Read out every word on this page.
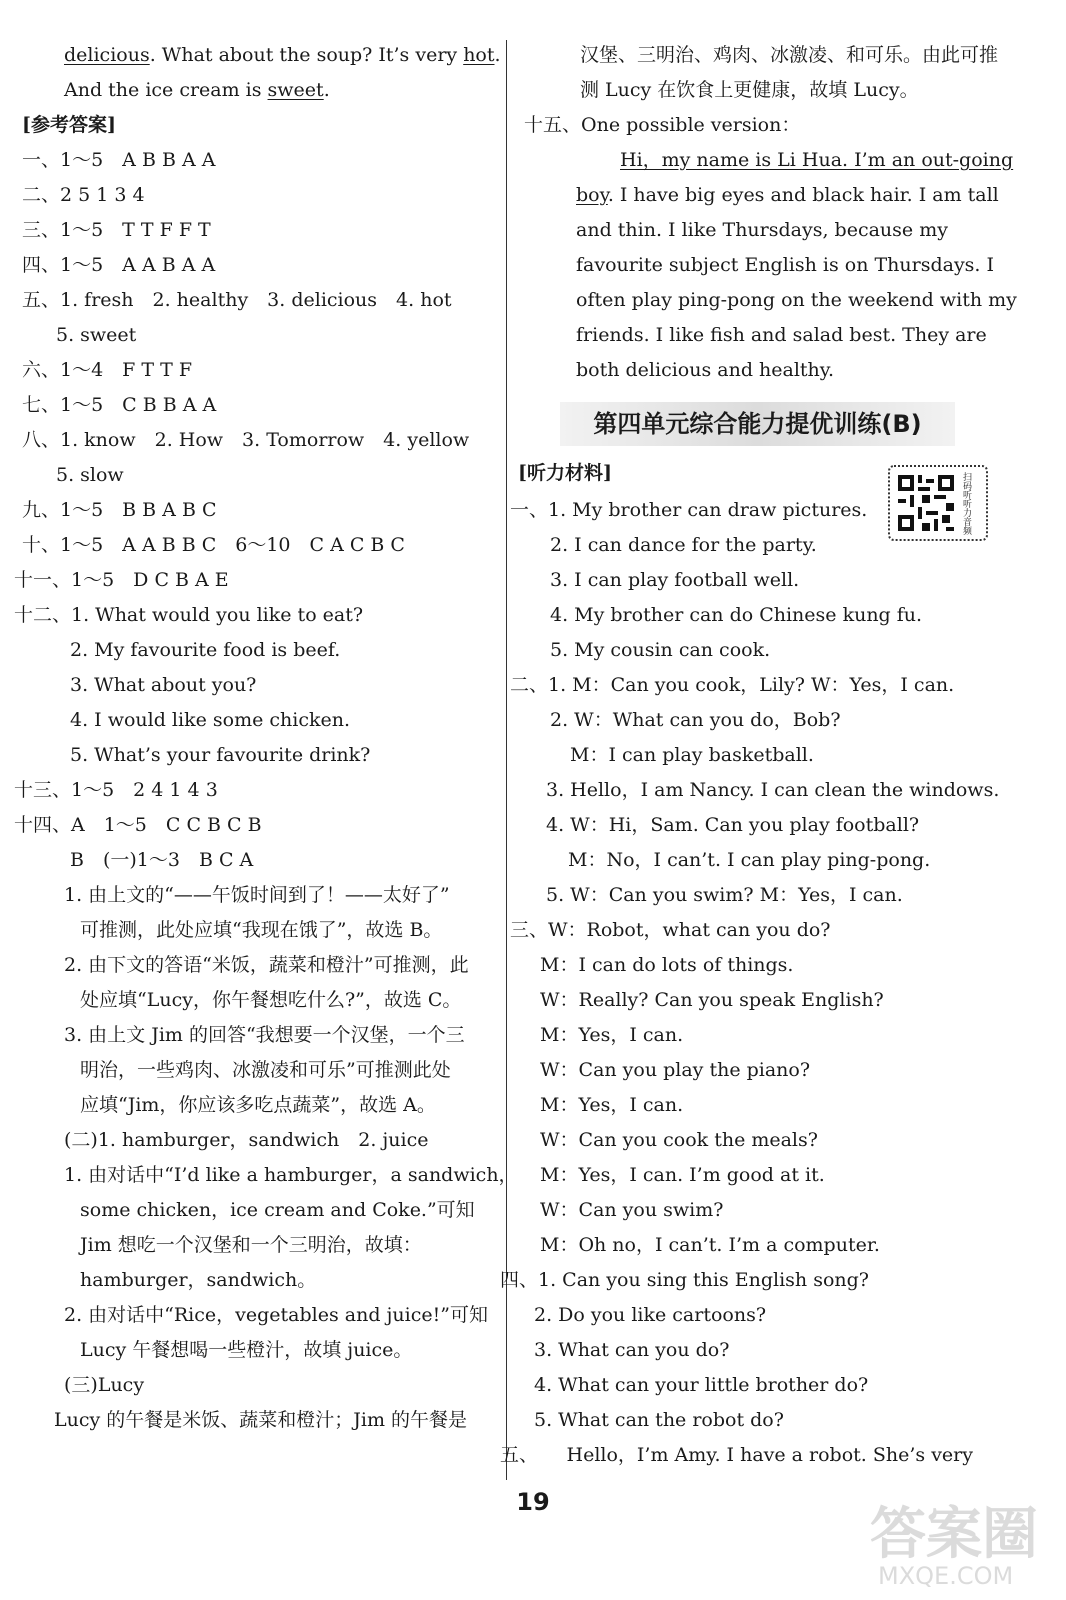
delicious. What about the soup? It’s very hot.
And the ice cream is sweet.
[参考答案]
一、1～5　A B B A A
二、2 5 1 3 4
三、1～5　T T F F T
四、1～5　A A B A A
五、1. fresh　2. healthy　3. delicious　4. hot
5. sweet
六、1～4　F T T F
七、1～5　C B B A A
八、1. know　2. How　3. Tomorrow　4. yellow
5. slow
九、1～5　B B A B C
十、1～5　A A B B C　6～10　C A C B C
十一、1～5　D C B A E
十二、1. What would you like to eat?
2. My favourite food is beef.
3. What about you?
4. I would like some chicken.
5. What’s your favourite drink?
十三、1～5　2 4 1 4 3
十四、A　1～5　C C B C B
B　(一)1～3　B C A
1. 由上文的“——午饭时间到了！——太好了”
可推测，此处应填“我现在饿了”，故选 B。
2. 由下文的答语“米饭，蔬菜和橙汁”可推测，此
处应填“Lucy，你午餐想吃什么?”，故选 C。
3. 由上文 Jim 的回答“我想要一个汉堡，一个三
明治，一些鸡肉、冰激凌和可乐”可推测此处
应填“Jim，你应该多吃点蔬菜”，故选 A。
(二)1. hamburger，sandwich　2. juice
1. 由对话中“I’d like a hamburger，a sandwich，
some chicken，ice cream and Coke.”可知
Jim 想吃一个汉堡和一个三明治，故填：
hamburger，sandwich。
2. 由对话中“Rice，vegetables and juice!”可知
Lucy 午餐想喝一些橙汁，故填 juice。
(三)Lucy
Lucy 的午餐是米饭、蔬菜和橙汁；Jim 的午餐是
第四单元综合能力提优训练(B)
扫码听听力音频
汉堡、三明治、鸡肉、冰激凌、和可乐。由此可推
测 Lucy 在饮食上更健康，故填 Lucy。
十五、One possible version：
Hi，my name is Li Hua. I’m an out-going
boy. I have big eyes and black hair. I am tall
and thin. I like Thursdays, because my
favourite subject English is on Thursdays. I
often play ping-pong on the weekend with my
friends. I like fish and salad best. They are
both delicious and healthy.
[听力材料]
一、1. My brother can draw pictures.
2. I can dance for the party.
3. I can play football well.
4. My brother can do Chinese kung fu.
5. My cousin can cook.
二、1. M：Can you cook，Lily? W：Yes，I can.
2. W：What can you do，Bob?
M：I can play basketball.
3. Hello，I am Nancy. I can clean the windows.
4. W：Hi，Sam. Can you play football?
M：No，I can’t. I can play ping-pong.
5. W：Can you swim? M：Yes，I can.
三、W：Robot，what can you do?
M：I can do lots of things.
W：Really? Can you speak English?
M：Yes，I can.
W：Can you play the piano?
M：Yes，I can.
W：Can you cook the meals?
M：Yes，I can. I’m good at it.
W：Can you swim?
M：Oh no，I can’t. I’m a computer.
四、1. Can you sing this English song?
2. Do you like cartoons?
3. What can you do?
4. What can your little brother do?
5. What can the robot do?
五、　　Hello，I’m Amy. I have a robot. She’s very
19	答案圈
MXQE.COM
